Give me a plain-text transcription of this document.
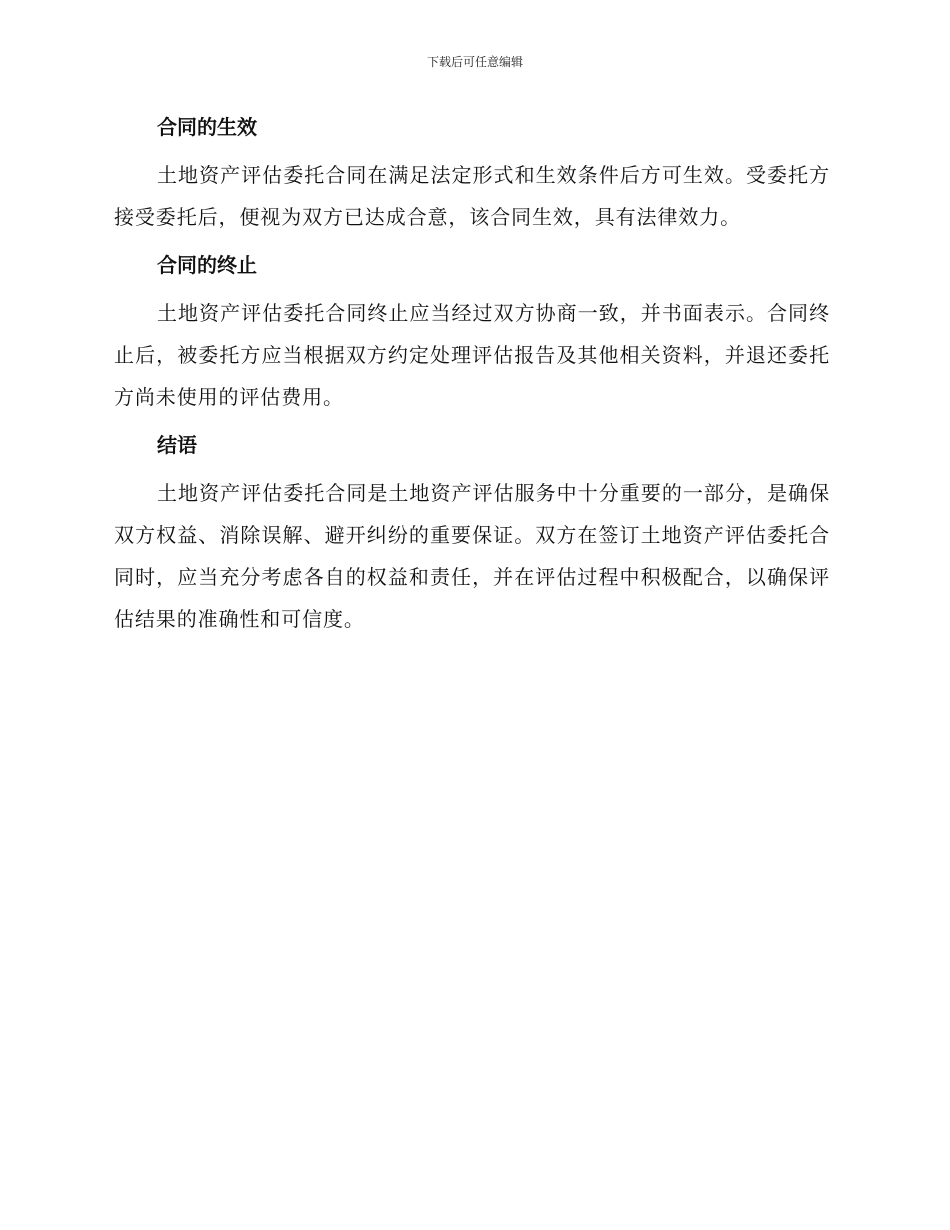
下载后可任意编辑
合同的生效

土地资产评估委托合同在满足法定形式和生效条件后方可生效。受委托方接受委托后，便视为双方已达成合意，该合同生效，具有法律效力。

合同的终止

土地资产评估委托合同终止应当经过双方协商一致，并书面表示。合同终止后，被委托方应当根据双方约定处理评估报告及其他相关资料，并退还委托方尚未使用的评估费用。

结语

土地资产评估委托合同是土地资产评估服务中十分重要的一部分，是确保双方权益、消除误解、避开纠纷的重要保证。双方在签订土地资产评估委托合同时，应当充分考虑各自的权益和责任，并在评估过程中积极配合，以确保评估结果的准确性和可信度。
